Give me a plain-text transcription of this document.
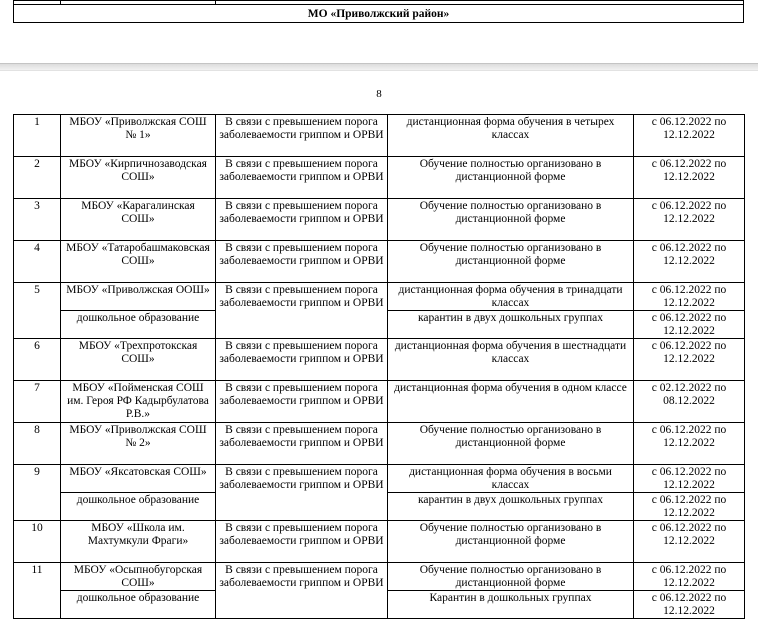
МО «Приволжский район»
8
1	МБОУ «Приволжская СОШ № 1»	В связи с превышением порога заболеваемости гриппом и ОРВИ	дистанционная форма обучения в четырех классах	с 06.12.2022 по 12.12.2022
2	МБОУ «Кирпичнозаводская СОШ»	В связи с превышением порога заболеваемости гриппом и ОРВИ	Обучение полностью организовано в дистанционной форме	с 06.12.2022 по 12.12.2022
3	МБОУ «Карагалинская СОШ»	В связи с превышением порога заболеваемости гриппом и ОРВИ	Обучение полностью организовано в дистанционной форме	с 06.12.2022 по 12.12.2022
4	МБОУ «Татаробашмаковская СОШ»	В связи с превышением порога заболеваемости гриппом и ОРВИ	Обучение полностью организовано в дистанционной форме	с 06.12.2022 по 12.12.2022
5	МБОУ «Приволжская ООШ»	В связи с превышением порога заболеваемости гриппом и ОРВИ	дистанционная форма обучения в тринадцати классах	с 06.12.2022 по 12.12.2022
	дошкольное образование		карантин в двух дошкольных группах	с 06.12.2022 по 12.12.2022
6	МБОУ «Трехпротокская СОШ»	В связи с превышением порога заболеваемости гриппом и ОРВИ	дистанционная форма обучения в шестнадцати классах	с 06.12.2022 по 12.12.2022
7	МБОУ «Пойменская СОШ им. Героя РФ Кадырбулатова Р.В.»	В связи с превышением порога заболеваемости гриппом и ОРВИ	дистанционная форма обучения в одном классе	с 02.12.2022 по 08.12.2022
8	МБОУ «Приволжская СОШ № 2»	В связи с превышением порога заболеваемости гриппом и ОРВИ	Обучение полностью организовано в дистанционной форме	с 06.12.2022 по 12.12.2022
9	МБОУ «Яксатовская СОШ»	В связи с превышением порога заболеваемости гриппом и ОРВИ	дистанционная форма обучения в восьми классах	с 06.12.2022 по 12.12.2022
	дошкольное образование		карантин в двух дошкольных группах	с 06.12.2022 по 12.12.2022
10	МБОУ «Школа им. Махтумкули Фраги»	В связи с превышением порога заболеваемости гриппом и ОРВИ	Обучение полностью организовано в дистанционной форме	с 06.12.2022 по 12.12.2022
11	МБОУ «Осыпнобугорская СОШ»	В связи с превышением порога заболеваемости гриппом и ОРВИ	Обучение полностью организовано в дистанционной форме	с 06.12.2022 по 12.12.2022
	дошкольное образование		Карантин в дошкольных группах	с 06.12.2022 по 12.12.2022
